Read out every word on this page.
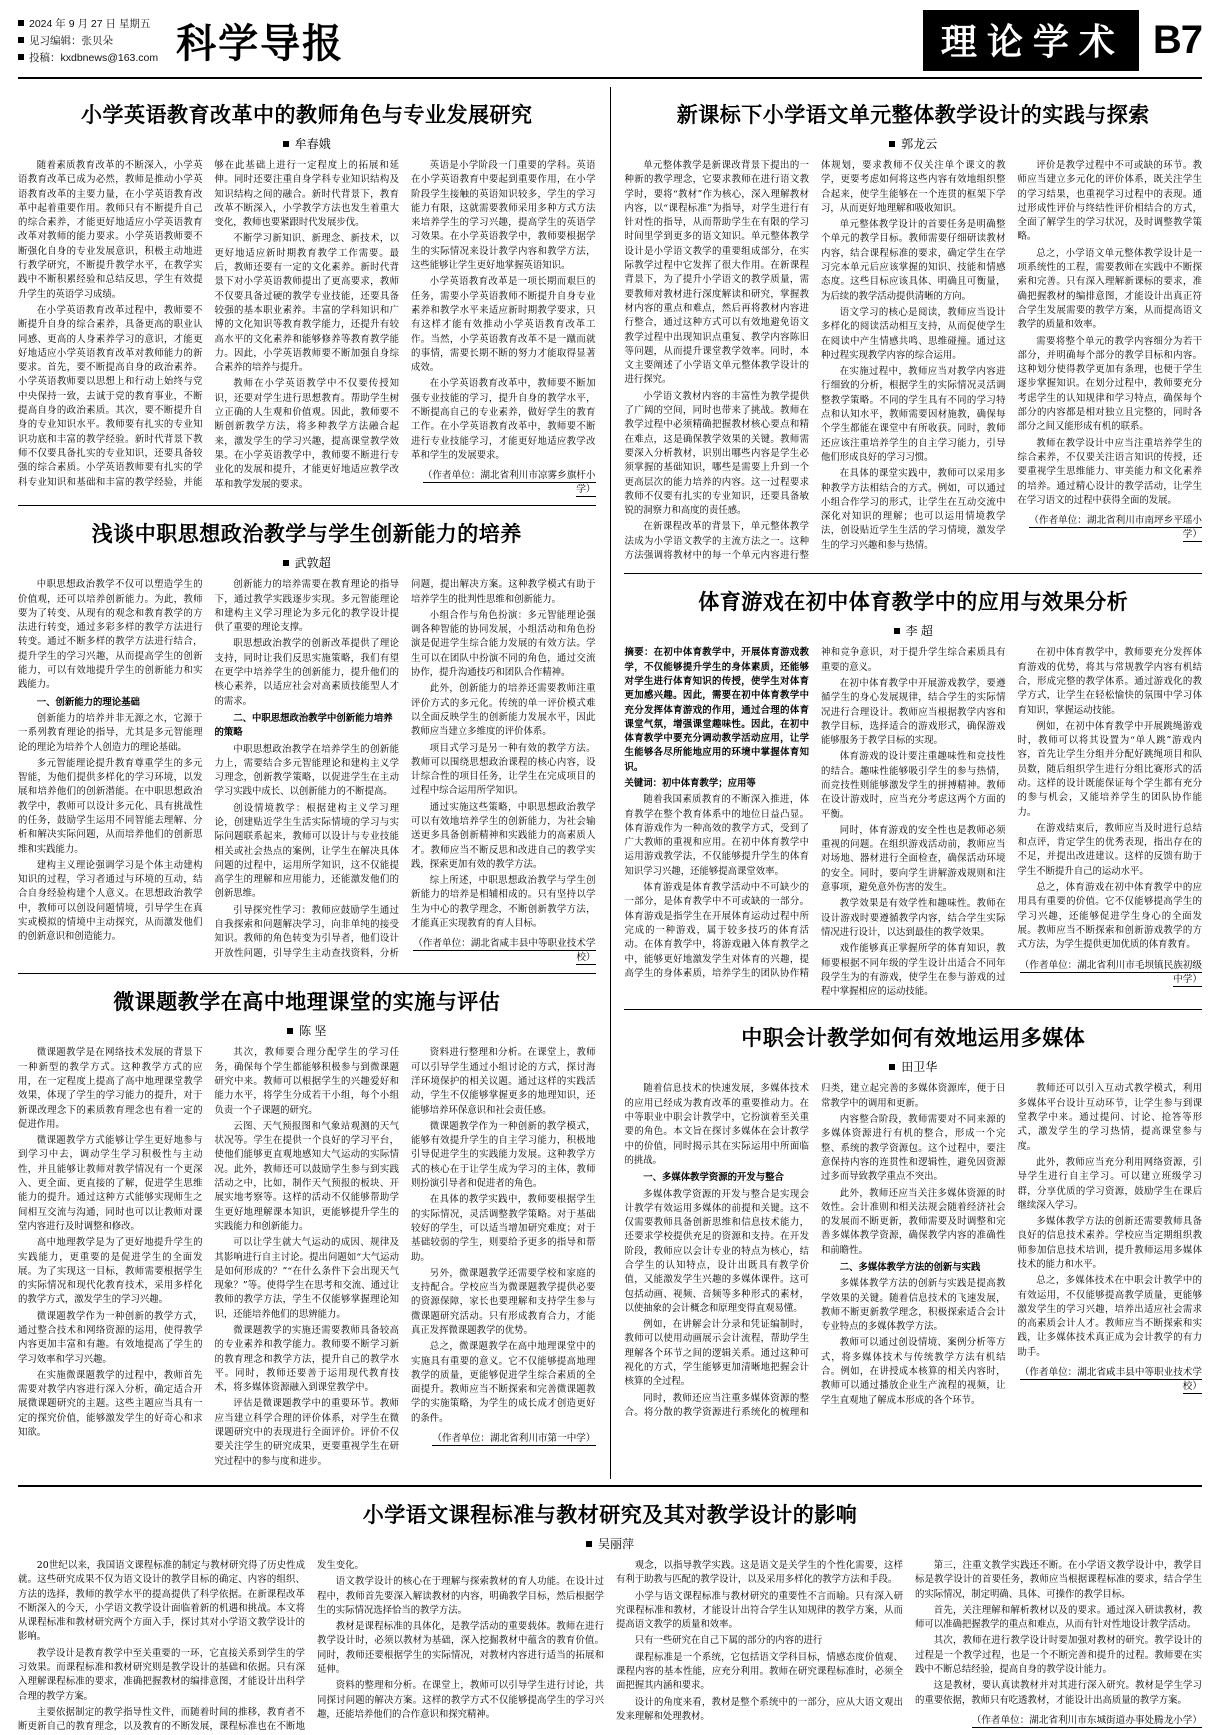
2024 年 9 月 27 日 星期五
见习编辑：张贝朵
投稿：kxdbnews@163.com 科学导报	理论学术 B7
小学英语教育改革中的教师角色与专业发展研究
牟春娥

随着素质教育改革的不断深入，小学英语教育改革已成为必然，教师是推动小学英语教育改革的主要力量，在小学英语教育改革中起着重要作用。教师只有不断提升自己的综合素养，才能更好地适应小学英语教育改革对教师的能力要求。小学英语教师要不断强化自身的专业发展意识，积极主动地进行教学研究，不断提升教学水平，在教学实践中不断积累经验和总结反思，学生有效提升学生的英语学习成绩。

在小学英语教育改革过程中，教师要不断提升自身的综合素养，具备更高的职业认同感、更高的人身素养学习的意识，才能更好地适应小学英语教育改革对教师能力的新要求。首先，要不断提高自身的政治素养。小学英语教师要以思想上和行动上始终与党中央保持一致，去诚于党的教育事业，不断提高自身的政治素质。其次，要不断提升自身的专业知识水平。教师要有扎实的专业知识功底和丰富的教学经验。新时代背景下教师不仅要具备扎实的专业知识，还要具备较强的综合素质。小学英语教师要有扎实的学科专业知识和基础和丰富的教学经验，并能够在此基础上进行一定程度上的拓展和延伸。同时还要注重自身学科专业知识结构及知识结构之间的融合。新时代背景下，教育改革不断深入，小学教学方法也发生着重大变化，教师也要紧跟时代发展步伐。

不断学习新知识、新理念、新技术，以更好地适应新时期教育教学工作需要。最后，教师还要有一定的文化素养。新时代背景下对小学英语教师提出了更高要求，教师不仅要具备过硬的教学专业技能，还要具备较强的基本职业素养。丰富的学科知识和广博的文化知识等教育教学能力，还提升有较高水平的文化素养和能够修养等教育教学能力。因此，小学英语教师要不断加强自身综合素养的培养与提升。

教师在小学英语教学中不仅要传授知识，还要对学生进行思想教育。帮助学生树立正确的人生观和价值观。因此，教师要不断创新教学方法，将多种教学方法融合起来，激发学生的学习兴趣，提高课堂教学效果。在小学英语教学中，教师要不断进行专业化的发展和提升，才能更好地适应教学改革和教学发展的要求。

英语是小学阶段一门重要的学科。英语在小学英语教育中要起到重要作用，在小学阶段学生接触的英语知识较多，学生的学习能力有限，这就需要教师采用多种方式方法来培养学生的学习兴趣，提高学生的英语学习效果。在小学英语教学中，教师要根据学生的实际情况来设计教学内容和教学方法，这些能够让学生更好地掌握英语知识。

小学英语教育改革是一项长期而艰巨的任务，需要小学英语教师不断提升自身专业素养和教学水平来适应新时期教学要求，只有这样才能有效推动小学英语教育改革工作。当然，小学英语教育改革不是一蹴而就的事情，需要长期不断的努力才能取得显著成效。

在小学英语教育改革中，教师要不断加强专业技能的学习，提升自身的教学水平，不断提高自己的专业素养，做好学生的教育工作。在小学英语教育改革中，教师要不断进行专业技能学习，才能更好地适应教学改革和学生的发展要求。

（作者单位：湖北省利川市凉雾乡旗杆小学）
浅谈中职思想政治教学与学生创新能力的培养
武敦超

中职思想政治教学不仅可以塑造学生的价值观，还可以培养创新能力。为此，教师要为了转变、从现有的观念和教育教学的方法进行转变，通过多彩多样的教学方法进行转变。通过不断多样的教学方法进行结合，提升学生的学习兴趣，从而提高学生的创新能力，可以有效地提升学生的创新能力和实践能力。

一、创新能力的理论基础

创新能力的培养并非无源之水，它源于一系列教育理论的指导，尤其是多元智能理论的理论为培养个人创造力的理论基础。

多元智能理论提升教育尊重学生的多元智能，为他们提供多样化的学习环境，以发展和培养他们的创新潜能。在中职思想政治教学中，教师可以设计多元化、具有挑战性的任务，鼓励学生运用不同智能去理解、分析和解决实际问题，从而培养他们的创新思维和实践能力。

建构主义理论强调学习是个体主动建构知识的过程，学习者通过与环境的互动，结合自身经验构建个人意义。在思想政治教学中，教师可以创设问题情境，引导学生在真实或模拟的情境中主动探究，从而激发他们的创新意识和创造能力。

创新能力的培养需要在教育理论的指导下，通过教学实践逐步实现。多元智能理论和建构主义学习理论为多元化的教学设计提供了重要的理论支撑。

职思想政治教学的创新改革提供了理论支持，同时让我们反思实施策略，我们有望在更学中培养学生的创新能力，提升他们的核心素养，以适应社会对高素质技能型人才的需求。

二、中职思想政治教学中创新能力培养的策略

中职思想政治教学在培养学生的创新能力上，需要结合多元智能理论和建构主义学习理念，创新教学策略，以促进学生在主动学习实践中成长、以创新能力的不断提高。

创设情境教学：根据建构主义学习理论，创建贴近学生生活实际情境的学习与实际问题联系起来，教师可以设计与专业技能相关或社会热点的案例，让学生在解决具体问题的过程中，运用所学知识，这不仅能提高学生的理解和应用能力，还能激发他们的创新思维。

引导探究性学习：教师应鼓励学生通过自我探索和问题解决学习，向非单纯的接受知识。教师的角色转变为引导者，他们设计开放性问题，引导学生主动查找资料，分析问题，提出解决方案。这种教学模式有助于培养学生的批判性思维和创新能力。

小组合作与角色扮演：多元智能理论强调各种智能的协同发展，小组活动和角色扮演是促进学生综合能力发展的有效方法。学生可以在团队中扮演不同的角色，通过交流协作，提升沟通技巧和团队合作精神。

此外，创新能力的培养还需要教师注重评价方式的多元化。传统的单一评价模式难以全面反映学生的创新能力发展水平，因此教师应当建立多维度的评价体系。

项目式学习是另一种有效的教学方法。教师可以围绕思想政治课程的核心内容，设计综合性的项目任务，让学生在完成项目的过程中综合运用所学知识。

通过实施这些策略，中职思想政治教学可以有效地培养学生的创新能力，为社会输送更多具备创新精神和实践能力的高素质人才。教师应当不断反思和改进自己的教学实践，探索更加有效的教学方法。

综上所述，中职思想政治教学与学生创新能力的培养是相辅相成的。只有坚持以学生为中心的教学理念，不断创新教学方法，才能真正实现教育的育人目标。

（作者单位：湖北省咸丰县中等职业技术学校）
微课题教学在高中地理课堂的实施与评估
陈 坚

微课题教学是在网络技术发展的背景下一种新型的教学方式。这种教学方式的应用，在一定程度上提高了高中地理课堂教学效果，体现了学生的学习能力的提升，对于新课改理念下的素质教育理念也有着一定的促进作用。

微课题教学方式能够让学生更好地参与到学习中去，调动学生学习积极性与主动性，并且能够让教师对教学情况有一个更深入、更全面、更直接的了解，促进学生思维能力的提升。通过这种方式能够实现师生之间相互交流与沟通，同时也可以让教师对课堂内容进行及时调整和修改。

高中地理教学是为了更好地提升学生的实践能力，更重要的是促进学生的全面发展。为了实现这一目标，教师需要根据学生的实际情况和现代化教育技术，采用多样化的教学方式，激发学生的学习兴趣。

微课题教学作为一种创新的教学方式，通过整合技术和网络资源的运用，使得教学内容更加丰富和有趣。有效地提高了学生的学习效率和学习兴趣。

在实施微课题教学的过程中，教师首先需要对教学内容进行深入分析，确定适合开展微课题研究的主题。这些主题应当具有一定的探究价值，能够激发学生的好奇心和求知欲。

其次，教师要合理分配学生的学习任务，确保每个学生都能够积极参与到微课题研究中来。教师可以根据学生的兴趣爱好和能力水平，将学生分成若干小组，每个小组负责一个子课题的研究。

云图、天气预报图和气象站观测的天气状况等。学生在提供一个良好的学习平台，使他们能够更直观地感知大气运动的实际情况。此外，教师还可以鼓励学生参与到实践活动之中，比如，制作天气预报的板块、开展实地考察等。这样的活动不仅能够帮助学生更好地理解课本知识，更能够提升学生的实践能力和创新能力。

可以让学生就大气运动的成因、规律及其影响进行自主讨论。提出问题如“大气运动是如何形成的？”“在什么条件下会出现天气现象？”等。使得学生在思考和交流、通过让教师的教学方法，学生不仅能够掌握理论知识，还能培养他们的思辨能力。

微课题教学的实施还需要教师具备较高的专业素养和教学能力。教师要不断学习新的教育理念和教学方法，提升自己的教学水平。同时，教师还要善于运用现代教育技术，将多媒体资源融入到课堂教学中。

评估是微课题教学中的重要环节。教师应当建立科学合理的评价体系，对学生在微课题研究中的表现进行全面评价。评价不仅要关注学生的研究成果，更要重视学生在研究过程中的参与度和进步。

资料进行整理和分析。在课堂上，教师可以引导学生通过小组讨论的方式，探讨海洋环境保护的相关议题。通过这样的实践活动，学生不仅能够掌握更多的地理知识，还能够培养环保意识和社会责任感。

微课题教学作为一种创新的教学模式，能够有效提升学生的自主学习能力，积极地引导促进学生的实践能力发展。这种教学方式的核心在于让学生成为学习的主体，教师则扮演引导者和促进者的角色。

在具体的教学实践中，教师要根据学生的实际情况，灵活调整教学策略。对于基础较好的学生，可以适当增加研究难度；对于基础较弱的学生，则要给予更多的指导和帮助。

另外，微课题教学还需要学校和家庭的支持配合。学校应当为微课题教学提供必要的资源保障，家长也要理解和支持学生参与微课题研究活动。只有形成教育合力，才能真正发挥微课题教学的优势。

总之，微课题教学在高中地理课堂中的实施具有重要的意义。它不仅能够提高地理教学的质量，更能够促进学生综合素质的全面提升。教师应当不断探索和完善微课题教学的实施策略，为学生的成长成才创造更好的条件。

（作者单位：湖北省利川市第一中学）
新课标下小学语文单元整体教学设计的实践与探索
郭龙云

单元整体教学是新课改背景下提出的一种新的教学理念，它要求教师在进行语文教学时，要将“教材”作为核心，深入理解教材内容，以“课程标准”为指导，对学生进行有针对性的指导，从而帮助学生在有限的学习时间里学到更多的语文知识。单元整体教学设计是小学语文教学的重要组成部分，在实际教学过程中它发挥了很大作用。在新课程背景下，为了提升小学语文的教学质量，需要教师对教材进行深度解读和研究，掌握教材内容的重点和难点，然后再将教材内容进行整合，通过这种方式可以有效地避免语文教学过程中出现知识点重复、教学内容陈旧等问题，从而提升课堂教学效率。同时，本文主要阐述了小学语文单元整体教学设计的进行探究。

小学语文教材内容的丰富性为教学提供了广阔的空间，同时也带来了挑战。教师在教学过程中必须精确把握教材核心要点和精在难点，这是确保教学效果的关键。教师需要深入分析教材，识别出哪些内容是学生必须掌握的基础知识，哪些是需要上升到一个更高层次的能力培养的内容。这一过程要求教师不仅要有扎实的专业知识，还要具备敏锐的洞察力和高度的责任感。

在新课程改革的背景下，单元整体教学法成为小学语文教学的主流方法之一。这种方法强调将教材中的每一个单元内容进行整体规划，要求教师不仅关注单个课文的教学，更要考虑如何将这些内容有效地组织整合起来，使学生能够在一个连贯的框架下学习，从而更好地理解和吸收知识。

单元整体教学设计的首要任务是明确整个单元的教学目标。教师需要仔细研读教材内容，结合课程标准的要求，确定学生在学习完本单元后应该掌握的知识、技能和情感态度。这些目标应该具体、明确且可衡量，为后续的教学活动提供清晰的方向。

语文学习的核心是阅读，教师应当设计多样化的阅读活动相互支持，从而促使学生在阅读中产生情感共鸣、思维碰撞。通过这种过程实现教学内容的综合运用。

在实施过程中，教师应当对教学内容进行细致的分析，根据学生的实际情况灵活调整教学策略。不同的学生具有不同的学习特点和认知水平，教师需要因材施教，确保每个学生都能在课堂中有所收获。同时，教师还应该注重培养学生的自主学习能力，引导他们形成良好的学习习惯。

在具体的课堂实践中，教师可以采用多种教学方法相结合的方式。例如，可以通过小组合作学习的形式，让学生在互动交流中深化对知识的理解；也可以运用情境教学法，创设贴近学生生活的学习情境，激发学生的学习兴趣和参与热情。

评价是教学过程中不可或缺的环节。教师应当建立多元化的评价体系，既关注学生的学习结果，也重视学习过程中的表现。通过形成性评价与终结性评价相结合的方式，全面了解学生的学习状况，及时调整教学策略。

总之，小学语文单元整体教学设计是一项系统性的工程，需要教师在实践中不断探索和完善。只有深入理解新课标的要求，准确把握教材的编排意图，才能设计出真正符合学生发展需要的教学方案，从而提高语文教学的质量和效率。

需要将整个单元的教学内容细分为若干部分，并明确每个部分的教学目标和内容。这种划分使得教学更加有条理，也便于学生逐步掌握知识。在划分过程中，教师要充分考虑学生的认知规律和学习特点，确保每个部分的内容都是相对独立且完整的，同时各部分之间又能形成有机的联系。

教师在教学设计中应当注重培养学生的综合素养，不仅要关注语言知识的传授，还要重视学生思维能力、审美能力和文化素养的培养。通过精心设计的教学活动，让学生在学习语文的过程中获得全面的发展。

（作者单位：湖北省利川市南坪乡平瑶小学）
体育游戏在初中体育教学中的应用与效果分析
李 超

摘要：在初中体育教学中，开展体育游戏教学，不仅能够提升学生的身体素质，还能够对学生进行体育知识的传授，使学生对体育更加感兴趣。因此，需要在初中体育教学中充分发挥体育游戏的作用，通过合理的体育课堂气氛，增强课堂趣味性。因此，在初中体育教学中要充分调动教学活动应用，让学生能够各尽所能地应用的环境中掌握体育知识。

关键词：初中体育教学；应用等

随着我国素质教育的不断深入推进，体育教学在整个教育体系中的地位日益凸显。体育游戏作为一种高效的教学方式，受到了广大教师的重视和应用。在初中体育教学中运用游戏教学法，不仅能够提升学生的体育知识学习兴趣，还能够提高课堂效率。

体育游戏是体育教学活动中不可缺少的一部分，是体育教学中不可或缺的一部分。体育游戏是指学生在开展体育运动过程中所完成的一种游戏，属于较多技巧的体育活动。在体育教学中，将游戏融入体育教学之中，能够更好地激发学生对体育的兴趣，提高学生的身体素质，培养学生的团队协作精神和竞争意识，对于提升学生综合素质具有重要的意义。

在初中体育教学中开展游戏教学，要遵循学生的身心发展规律，结合学生的实际情况进行合理设计。教师应当根据教学内容和教学目标，选择适合的游戏形式，确保游戏能够服务于教学目标的实现。

体育游戏的设计要注重趣味性和竞技性的结合。趣味性能够吸引学生的参与热情，而竞技性则能够激发学生的拼搏精神。教师在设计游戏时，应当充分考虑这两个方面的平衡。

同时，体育游戏的安全性也是教师必须重视的问题。在组织游戏活动前，教师应当对场地、器材进行全面检查，确保活动环境的安全。同时，要向学生讲解游戏规则和注意事项，避免意外伤害的发生。

教学效果是有效学性和趣味性。教师在设计游戏时要遵循教学内容，结合学生实际情况进行设计，以达到最佳的教学效果。

戏作能够真正掌握所学的体育知识，教师要根据不同年级的学生设计出适合不同年段学生为的有游戏，使学生在参与游戏的过程中掌握相应的运动技能。

在初中体育教学中，教师要充分发挥体育游戏的优势，将其与常规教学内容有机结合，形成完整的教学体系。通过游戏化的教学方式，让学生在轻松愉快的氛围中学习体育知识，掌握运动技能。

例如，在初中体育教学中开展跳绳游戏时，教师可以将其设置为“单人跳”游戏内容，首先让学生分组并分配好跳绳项目和队员数，随后组织学生进行分组比赛形式的活动。这样的设计既能保证每个学生都有充分的参与机会，又能培养学生的团队协作能力。

在游戏结束后，教师应当及时进行总结和点评，肯定学生的优秀表现，指出存在的不足，并提出改进建议。这样的反馈有助于学生不断提升自己的运动水平。

总之，体育游戏在初中体育教学中的应用具有重要的价值。它不仅能够提高学生的学习兴趣，还能够促进学生身心的全面发展。教师应当不断探索和创新游戏教学的方式方法，为学生提供更加优质的体育教育。

（作者单位：湖北省利川市毛坝镇民族初级中学）
中职会计教学如何有效地运用多媒体
田卫华

随着信息技术的快速发展，多媒体技术的应用已经成为教育改革的重要推动力。在中等职业中职会计教学中，它扮演着至关重要的角色。本文旨在探讨多媒体在会计教学中的价值，同时揭示其在实际运用中所面临的挑战。

一、多媒体教学资源的开发与整合

多媒体教学资源的开发与整合是实现会计教学有效运用多媒体的前提和关键。这不仅需要教师具备创新思维和信息技术能力，还要求学校提供充足的资源和支持。在开发阶段，教师应以会计专业的特点为核心，结合学生的认知特点，设计出既具有教学价值，又能激发学生兴趣的多媒体课件。这可包括动画、视频、音频等多种形式的素材，以使抽象的会计概念和原理变得直观易懂。

例如，在讲解会计分录和凭证编制时，教师可以使用动画展示会计流程，帮助学生理解各个环节之间的逻辑关系。通过这种可视化的方式，学生能够更加清晰地把握会计核算的全过程。

同时，教师还应当注重多媒体资源的整合。将分散的教学资源进行系统化的梳理和归类，建立起完善的多媒体资源库，便于日常教学中的调用和更新。

内容整合阶段，教师需要对不同来源的多媒体资源进行有机的整合，形成一个完整、系统的教学资源包。这个过程中，要注意保持内容的连贯性和逻辑性，避免因资源过多而导致教学重点不突出。

此外，教师还应当关注多媒体资源的时效性。会计准则和相关法规会随着经济社会的发展而不断更新，教师需要及时调整和完善多媒体教学资源，确保教学内容的准确性和前瞻性。

二、多媒体教学方法的创新与实践

多媒体教学方法的创新与实践是提高教学效果的关键。随着信息技术的飞速发展，教师不断更新教学理念，积极探索适合会计专业特点的多媒体教学方法。

教师可以通过创设情境、案例分析等方式，将多媒体技术与传统教学方法有机结合。例如，在讲授成本核算的相关内容时，教师可以通过播放企业生产流程的视频，让学生直观地了解成本形成的各个环节。

教师还可以引入互动式教学模式，利用多媒体平台设计互动环节，让学生参与到课堂教学中来。通过提问、讨论、抢答等形式，激发学生的学习热情，提高课堂参与度。

此外，教师应当充分利用网络资源，引导学生进行自主学习。可以建立班级学习群，分享优质的学习资源，鼓励学生在课后继续深入学习。

多媒体教学方法的创新还需要教师具备良好的信息技术素养。学校应当定期组织教师参加信息技术培训，提升教师运用多媒体技术的能力和水平。

总之，多媒体技术在中职会计教学中的有效运用，不仅能够提高教学质量，更能够激发学生的学习兴趣，培养出适应社会需求的高素质会计人才。教师应当不断探索和实践，让多媒体技术真正成为会计教学的有力助手。

（作者单位：湖北省咸丰县中等职业技术学校）
小学语文课程标准与教材研究及其对教学设计的影响
吴丽萍

20世纪以来，我国语文课程标准的制定与教材研究得了历史性成就。这些研究成果不仅为语文设计的教学目标的确定、内容的组织、方法的选择，教师的教学水平的提高提供了科学依据。在新课程改革不断深入的今天，小学语文教学设计面临着新的机遇和挑战。本文将从课程标准和教材研究两个方面入手，探讨其对小学语文教学设计的影响。

教学设计是教育教学中至关重要的一环，它直接关系到学生的学习效果。而课程标准和教材研究则是教学设计的基础和依据。只有深入理解课程标准的要求，准确把握教材的编排意图，才能设计出科学合理的教学方案。

主要依据制定的教学指导性文件，而随着时间的推移，教育者不断更新自己的教育理念，以及教育的不断发展，课程标准也在不断地发生变化。

语文教学设计的核心在于理解与探索教材的育人功能。在设计过程中，教师首先要深入解读教材的内容，明确教学目标，然后根据学生的实际情况选择恰当的教学方法。

教材是课程标准的具体化，是教学活动的重要载体。教师在进行教学设计时，必须以教材为基础，深入挖掘教材中蕴含的教育价值。同时，教师还要根据学生的实际情况，对教材内容进行适当的拓展和延伸。

资料的整理和分析。在课堂上，教师可以引导学生进行讨论，共同探讨问题的解决方案。这样的教学方式不仅能够提高学生的学习兴趣，还能培养他们的合作意识和探究精神。

观念，以指导教学实践。这是语文是关学生的个性化需要，这样有利于助教与匹配的教学设计，以及采用多样化的教学方法和手段。

小学与语文课程标准与教材研究的重要性不言而喻。只有深入研究课程标准和教材，才能设计出符合学生认知规律的教学方案，从而提高语文教学的质量和效率。

只有一些研究在自己下属的部分的内容的进行

课程标准是一个系统，它包括语文学科目标，情感态度价值观、课程内容的基本性能，应充分利用。教师在研究课程标准时，必须全面把握其内涵和要求。

设计的角度来看，教材是整个系统中的一部分，应从大语文观出发来理解和处理教材。

第三，注重文教学实践还不断。在小学语文教学设计中，教学目标是教学设计的首要任务，教师应当根据课程标准的要求，结合学生的实际情况，制定明确、具体、可操作的教学目标。

首先，关注理解和解析教材以及的要求。通过深入研读教材，教师可以准确把握教学的重点和难点，从而有针对性地设计教学活动。

其次，教师在进行教学设计时要加强对教材的研究。教学设计的过程是一个教学过程，也是一个不断完善和提升的过程。教师要在实践中不断总结经验，提高自身的教学设计能力。

这是教材，要认真读教材并对其进行深入研究。教材是学生学习的重要依据，教师只有吃透教材，才能设计出高质量的教学方案。

（作者单位：湖北省利川市东城街道办事处腾龙小学）
